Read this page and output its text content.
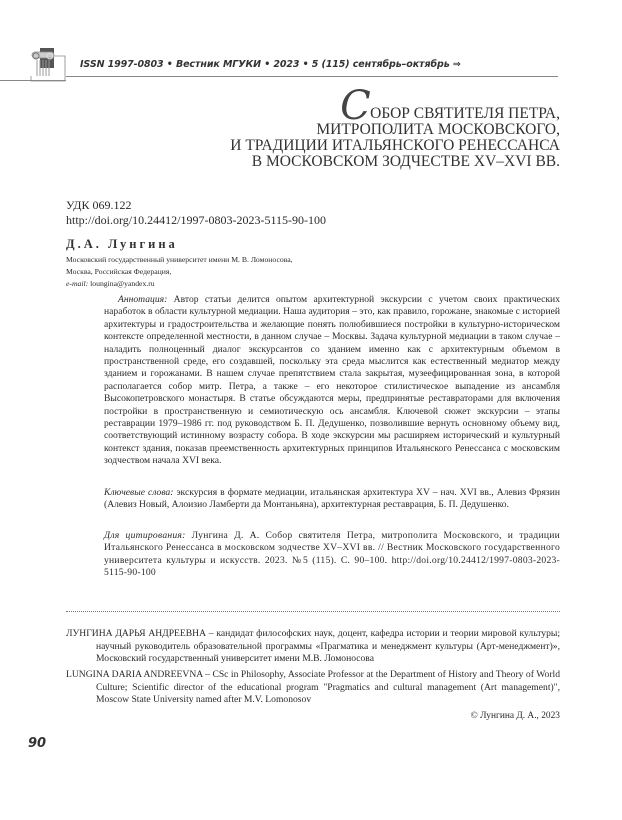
ISSN 1997-0803 • Вестник МГУКИ • 2023 • 5 (115) сентябрь–октябрь ⇒
С ОБОР СВЯТИТЕЛЯ ПЕТРА,
МИТРОПОЛИТА МОСКОВСКОГО,
И ТРАДИЦИИ ИТАЛЬЯНСКОГО РЕНЕССАНСА
В МОСКОВСКОМ ЗОДЧЕСТВЕ XV–XVI ВВ.
УДК 069.122
http://doi.org/10.24412/1997-0803-2023-5115-90-100
Д.А. Лунгина
Московский государственный университет имени М. В. Ломоносова,
Москва, Российская Федерация,
e-mail: loungina@yandex.ru
Аннотация: Автор статьи делится опытом архитектурной экскурсии с учетом своих практических наработок в области культурной медиации. Наша аудитория – это, как правило, горожане, знакомые с историей архитектуры и градостроительства и желающие понять полюбившиеся постройки в культурно-историческом контексте определенной местности, в данном случае – Москвы. Задача культурной медиации в таком случае – наладить полноценный диалог экскурсантов со зданием именно как с архитектурным объемом в пространственной среде, его создавшей, поскольку эта среда мыслится как естественный медиатор между зданием и горожанами. В нашем случае препятствием стала закрытая, музеефицированная зона, в которой располагается собор митр. Петра, а также – его некоторое стилистическое выпадение из ансамбля Высокопетровского монастыря. В статье обсуждаются меры, предпринятые реставраторами для включения постройки в пространственную и семиотическую ось ансамбля. Ключевой сюжет экскурсии – этапы реставрации 1979–1986 гг. под руководством Б. П. Дедушенко, позволившие вернуть основному объему вид, соответствующий истинному возрасту собора. В ходе экскурсии мы расширяем исторический и культурный контекст здания, показав преемственность архитектурных принципов Итальянского Ренессанса с московским зодчеством начала XVI века.
Ключевые слова: экскурсия в формате медиации, итальянская архитектура XV – нач. XVI вв., Алевиз Фрязин (Алевиз Новый, Алоизио Ламберти да Монтаньяна), архитектурная реставрация, Б. П. Дедушенко.
Для цитирования: Лунгина Д. А. Собор святителя Петра, митрополита Московского, и традиции Итальянского Ренессанса в московском зодчестве XV–XVI вв. // Вестник Московского государственного университета культуры и искусств. 2023. №5 (115). С. 90–100. http://doi.org/10.24412/1997-0803-2023-5115-90-100
ЛУНГИНА ДАРЬЯ АНДРЕЕВНА – кандидат философских наук, доцент, кафедра истории и теории мировой культуры; научный руководитель образовательной программы «Прагматика и менеджмент культуры (Арт-менеджмент)», Московский государственный университет имени М.В. Ломоносова
LUNGINA DARIA ANDREEVNA – CSc in Philosophy, Associate Professor at the Department of History and Theory of World Culture; Scientific director of the educational program "Pragmatics and cultural management (Art management)", Moscow State University named after M.V. Lomonosov
© Лунгина Д. А., 2023
90
